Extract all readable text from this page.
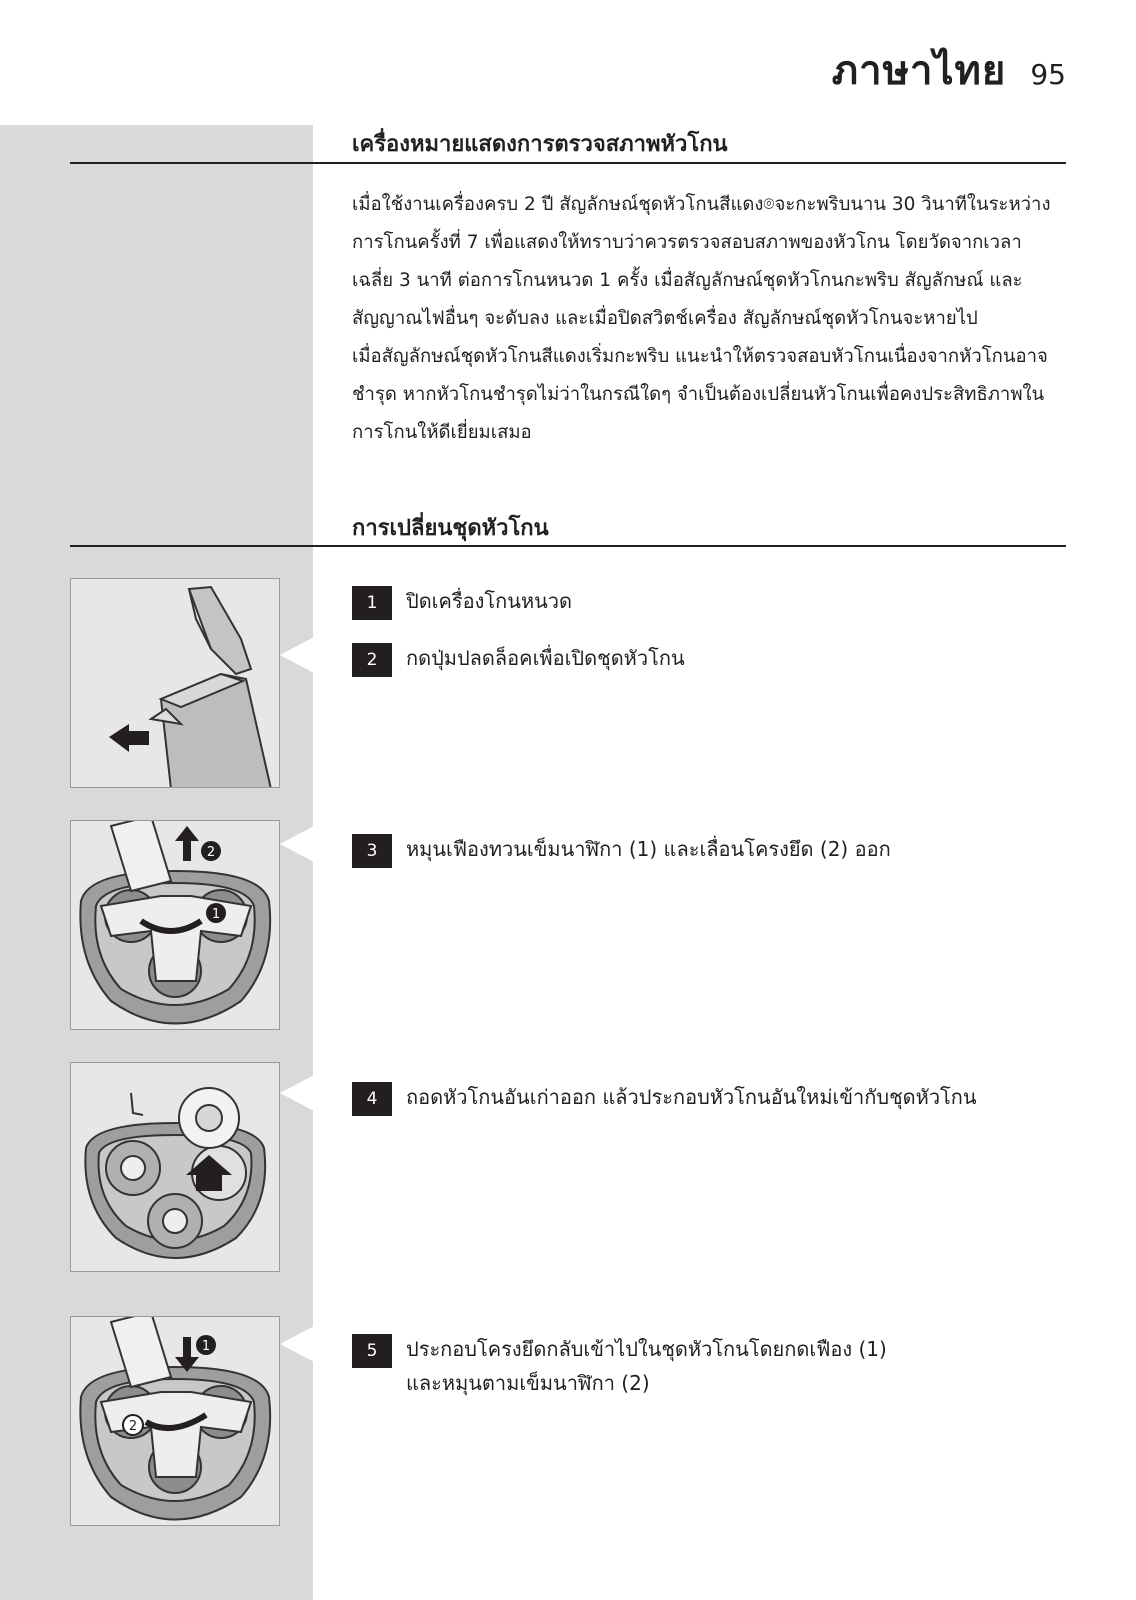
ภาษาไทย 95
เครื่องหมายแสดงการตรวจสภาพหัวโกน

เมื่อใช้งานเครื่องครบ 2 ปี สัญลักษณ์ชุดหัวโกนสีแดง⌾จะกะพริบนาน 30 วินาทีในระหว่างการโกนครั้งที่ 7 เพื่อแสดงให้ทราบว่าควรตรวจสอบสภาพของหัวโกน โดยวัดจากเวลาเฉลี่ย 3 นาที ต่อการโกนหนวด 1 ครั้ง เมื่อสัญลักษณ์ชุดหัวโกนกะพริบ สัญลักษณ์ และสัญญาณไฟอื่นๆ จะดับลง และเมื่อปิดสวิตช์เครื่อง สัญลักษณ์ชุดหัวโกนจะหายไป

เมื่อสัญลักษณ์ชุดหัวโกนสีแดงเริ่มกะพริบ แนะนำให้ตรวจสอบหัวโกนเนื่องจากหัวโกนอาจชำรุด หากหัวโกนชำรุดไม่ว่าในกรณีใดๆ จำเป็นต้องเปลี่ยนหัวโกนเพื่อคงประสิทธิภาพในการโกนให้ดีเยี่ยมเสมอ

การเปลี่ยนชุดหัวโกน
1	ปิดเครื่องโกนหนวด
2	กดปุ่มปลดล็อคเพื่อเปิดชุดหัวโกน
3	หมุนเฟืองทวนเข็มนาฬิกา (1) และเลื่อนโครงยึด (2) ออก
4	ถอดหัวโกนอันเก่าออก แล้วประกอบหัวโกนอันใหม่เข้ากับชุดหัวโกน
5	ประกอบโครงยึดกลับเข้าไปในชุดหัวโกนโดยกดเฟือง (1)
และหมุนตามเข็มนาฬิกา (2)
2
1
1
2
